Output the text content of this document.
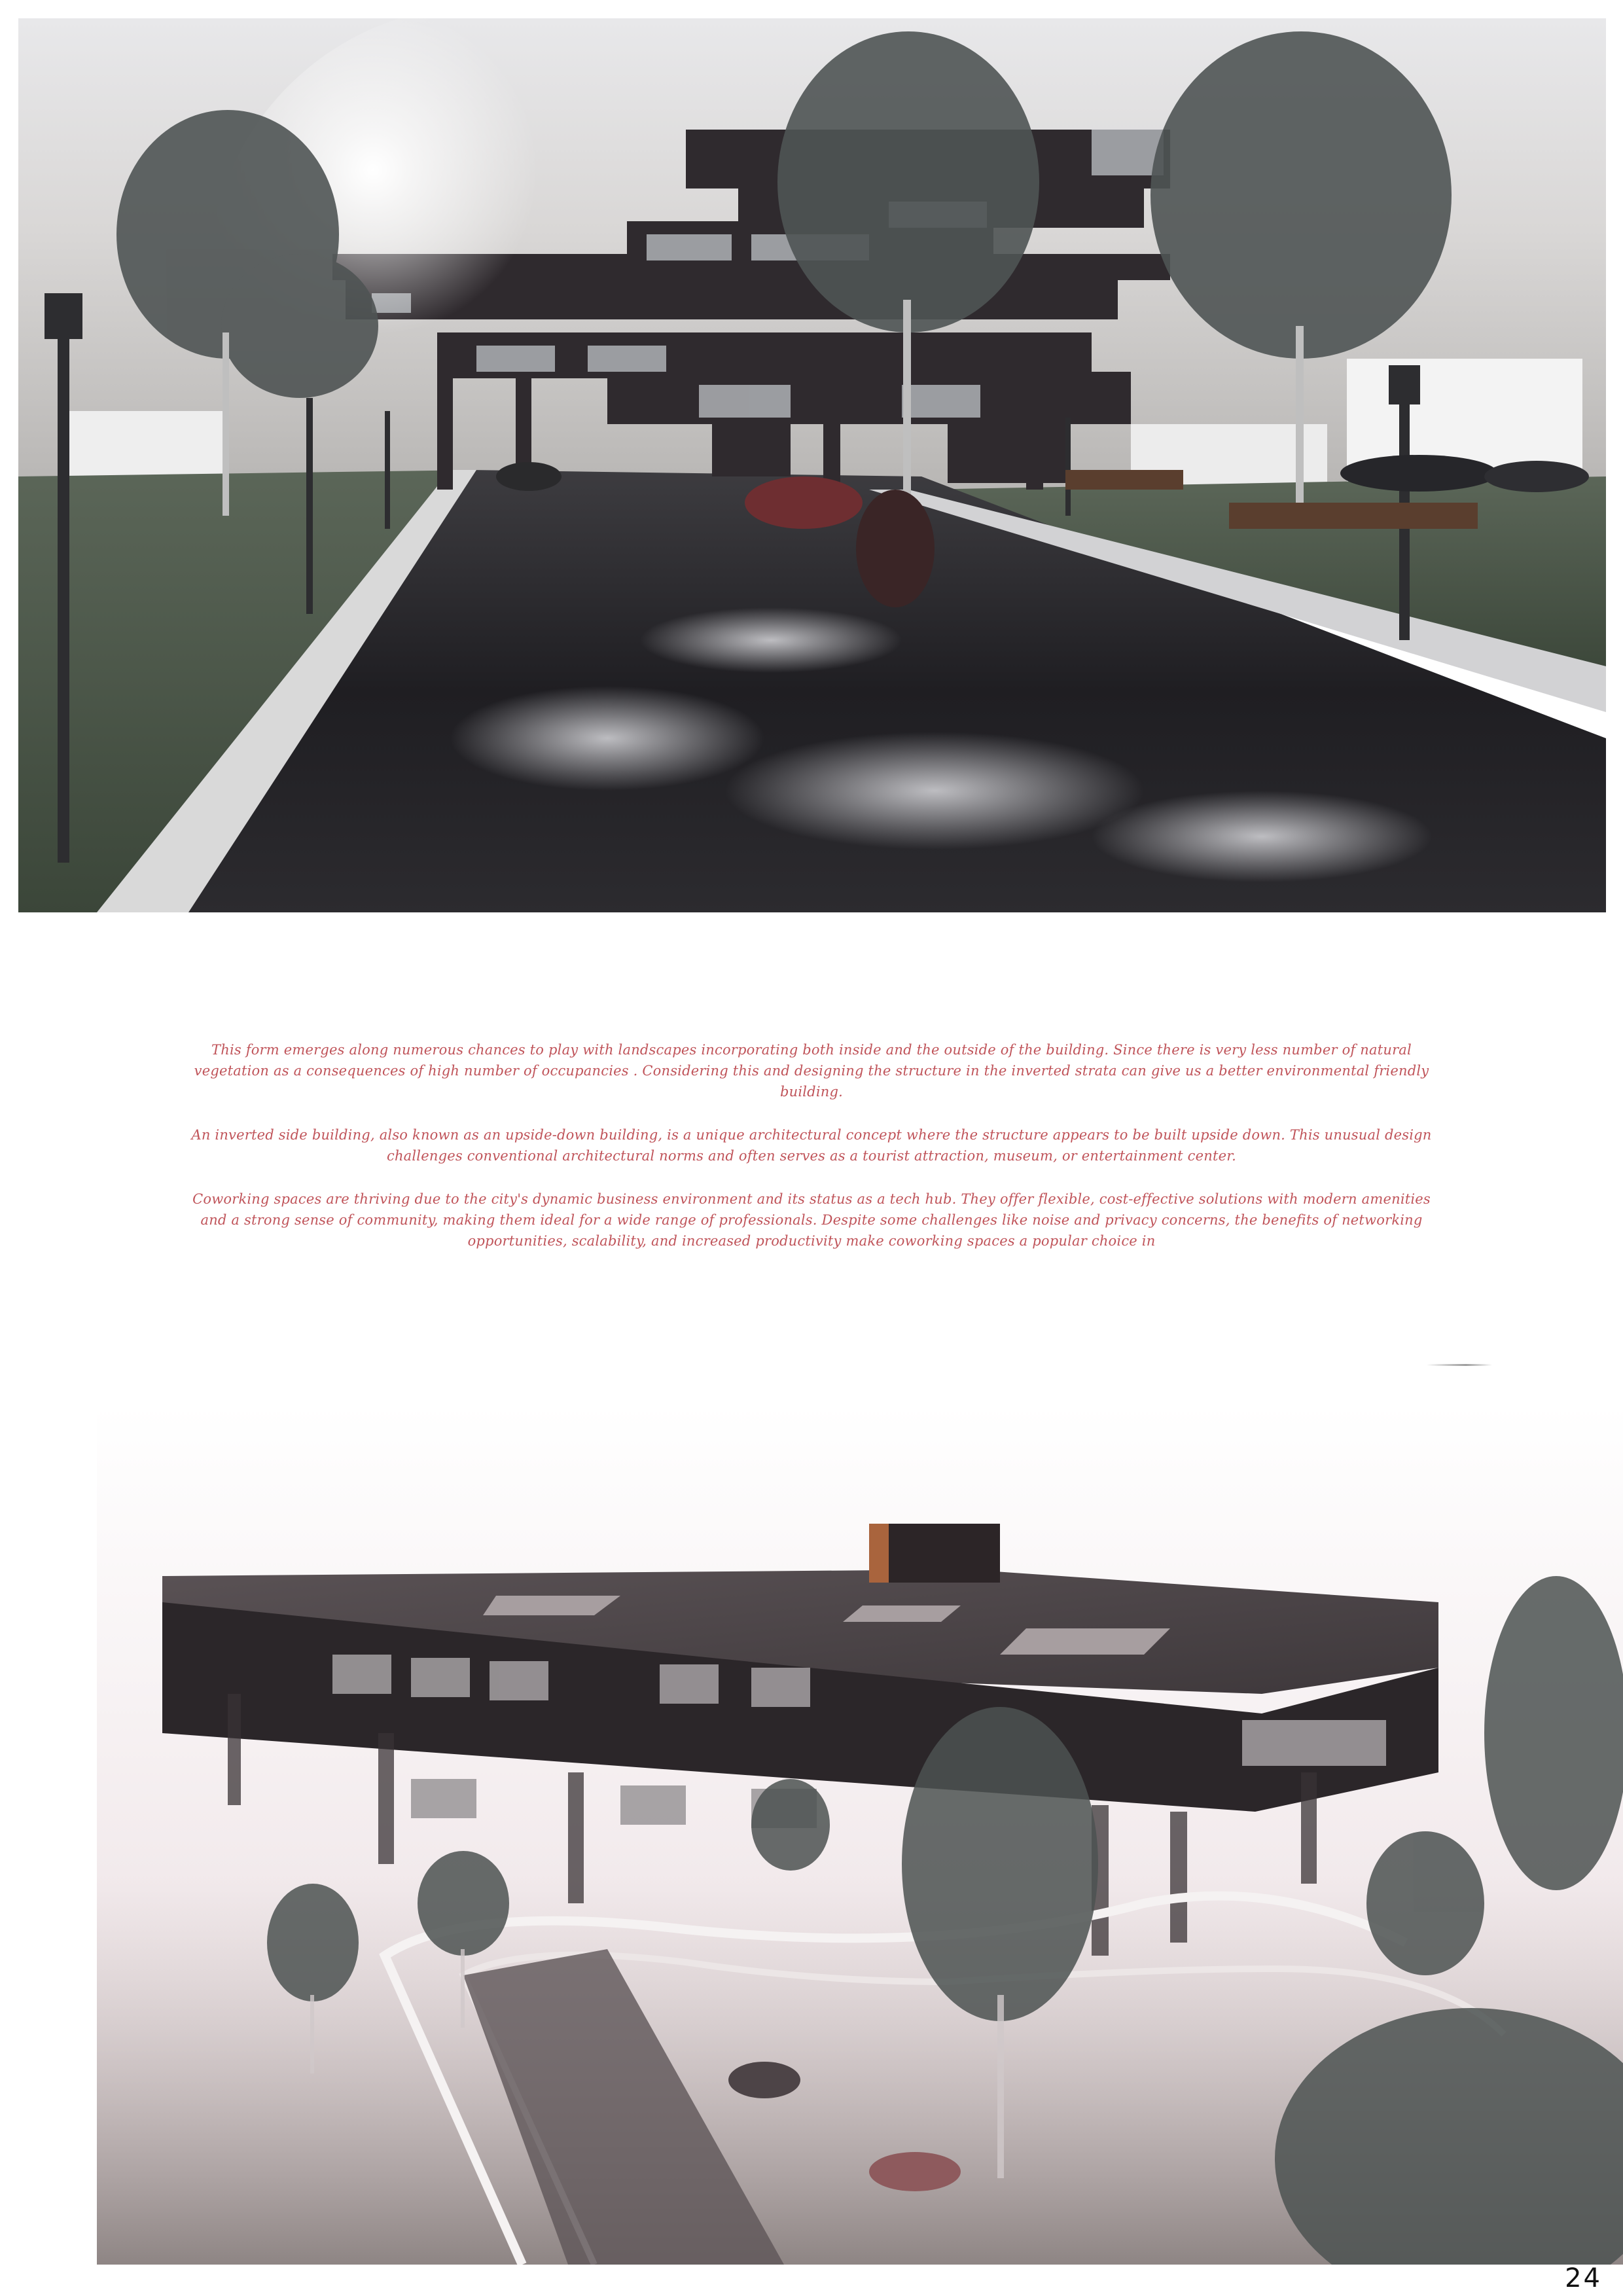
This form emerges along numerous chances to play with landscapes incorporating both inside and the outside of the building. Since there is very less number of natural vegetation as a consequences of high number of occupancies . Considering this and designing the structure in the inverted strata can give us a better environmental friendly building.

An inverted side building, also known as an upside-down building, is a unique architectural concept where the structure appears to be built upside down. This unusual design challenges conventional architectural norms and often serves as a tourist attraction, museum, or entertainment center.

Coworking spaces are thriving due to the city's dynamic business environment and its status as a tech hub. They offer flexible, cost-effective solutions with modern amenities and a strong sense of community, making them ideal for a wide range of professionals. Despite some challenges like noise and privacy concerns, the benefits of networking opportunities, scalability, and increased productivity make coworking spaces a popular choice in

24
